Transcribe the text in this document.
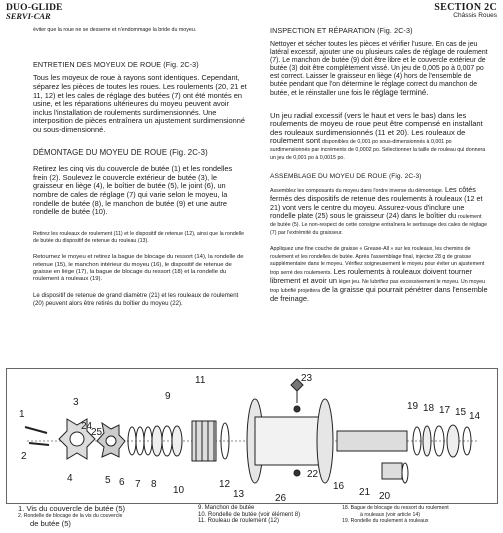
DUO-GLIDE
SERVI-CAR
SECTION 2C
Châssis Roues

éviter que la roue ne se desserre et n'endommage la bride du moyeu.

ENTRETIEN DES MOYEUX DE ROUE (Fig. 2C-3)

Tous les moyeux de roue à rayons sont identiques. Cependant, séparez les pièces de toutes les roues. Les roulements (20, 21 et 11, 12) et les cales de réglage des butées (7) ont été montés en usine, et les réparations ultérieures du moyeu peuvent avoir inclus l'installation de roulements surdimensionnés. Une interposition de pièces entraînera un ajustement surdimensionné ou sous-dimensionné.

DÉMONTAGE DU MOYEU DE ROUE (Fig. 2C-3)

Retirez les cinq vis du couvercle de butée (1) et les rondelles frein (2). Soulevez le couvercle extérieur de butée (3), le graisseur en liège (4), le boîtier de butée (5), le joint (6), un nombre de cales de réglage (7) qui varie selon le moyeu, la rondelle de butée (8), le manchon de butée (9) et une autre rondelle de butée (10).

Retirez les rouleaux de roulement (11) et le dispositif de retenue (12), ainsi que la rondelle de butée du dispositif de retenue du rouleau (13).

Retournez le moyeu et retirez la bague de blocage du ressort (14), la rondelle de retenue (15), le manchon intérieur du moyeu (16), le dispositif de retenue de graisse en liège (17), la bague de blocage du ressort (18) et la rondelle du roulement à rouleaux (19).

Le dispositif de retenue de grand diamètre (21) et les rouleaux de roulement (20) peuvent alors être retirés du boîtier du moyeu (22).

INSPECTION ET RÉPARATION (Fig. 2C-3)

Nettoyer et sécher toutes les pièces et vérifier l'usure. En cas de jeu latéral excessif, ajouter une ou plusieurs cales de réglage de roulement (7). Le manchon de butée (9) doit être libre et le couvercle extérieur de butée (3) doit être complètement vissé. Un jeu de 0,005 po à 0,007 po est correct. Laisser le graisseur en liège (4) hors de l'ensemble de butée pendant que l'on détermine le réglage correct du manchon de butée, et le réinstaller une fois le réglage terminé.

Un jeu radial excessif (vers le haut et vers le bas) dans les roulements de moyeu de roue peut être compensé en installant des rouleaux surdimensionnés (11 et 20). Les rouleaux de roulement sont disponibles de 0,001 po sous-dimensionnés à 0,001 po surdimensionnés par incréments de 0,0002 po. Sélectionner la taille de rouleau qui donnera un jeu de 0,001 po à 0,0015 po.

ASSEMBLAGE DU MOYEU DE ROUE (Fig. 2C-3)

Assemblez les composants du moyeu dans l'ordre inverse du démontage. Les côtés fermés des dispositifs de retenue des roulements à rouleaux (12 et 21) vont vers le centre du moyeu. Assurez-vous d'inclure une rondelle plate (25) sous le graisseur (24) dans le boîtier du roulement de butée (5). Le non-respect de cette consigne entraînera le sertissage des cales de réglage (7) par l'extrémité du graisseur.

Appliquez une fine couche de graisse « Grease-All » sur les rouleaux, les chemins de roulement et les rondelles de butée. Après l'assemblage final, injectez 28 g de graisse supplémentaire dans le moyeu. Vérifiez soigneusement le moyeu pour éviter un ajustement trop serré des roulements. Les roulements à rouleaux doivent tourner librement et avoir un léger jeu. Ne lubrifiez pas excessivement le moyeu. Un moyeu trop lubrifié projettera de la graisse qui pourrait pénétrer dans l'ensemble de freinage.

1
2
3
4	5 6 7 8
9
10
11
12
13
14
15
16
17
18
19
20
21
22
23
24
25
26
1. Vis du couvercle de butée (5)
2. Rondelle de blocage de la vis du couvercle
de butée (5)
9. Manchon de butée
10. Rondelle de butée (voir élément 8)
11. Rouleau de roulement (12)
18. Bague de blocage du ressort du roulement
à rouleaux (voir article 14)
19. Rondelle du roulement à rouleaux
